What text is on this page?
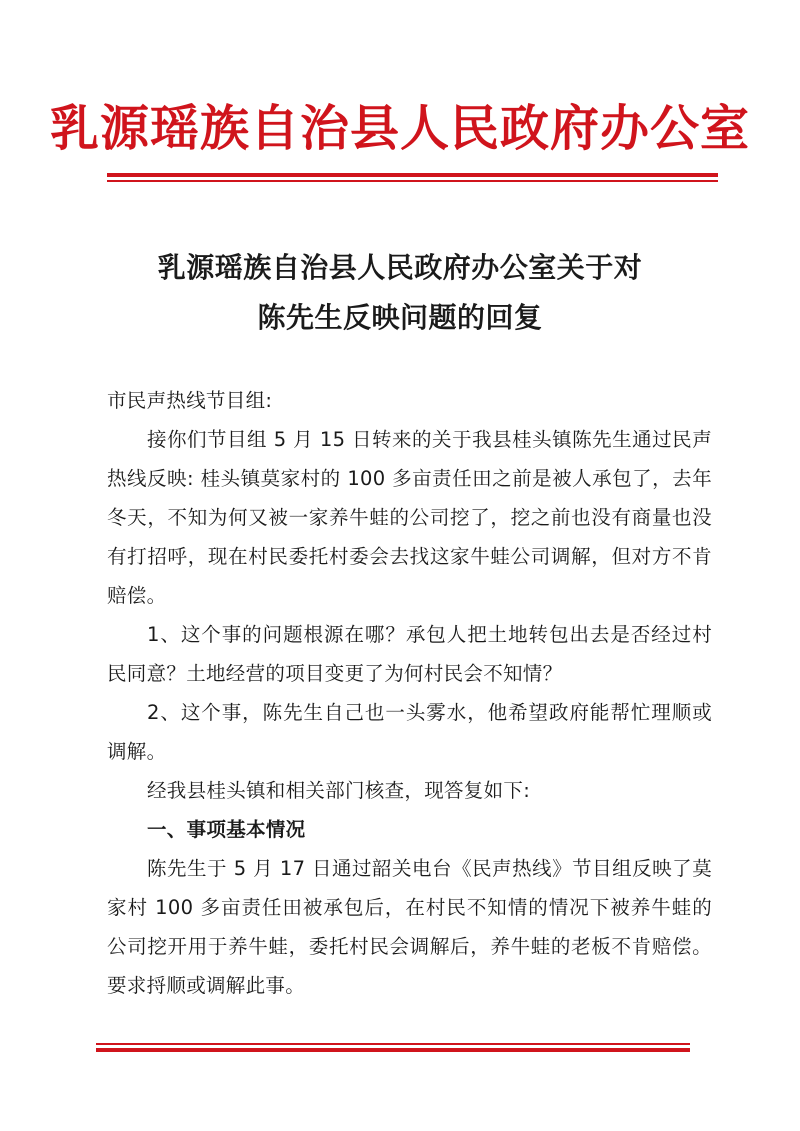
乳源瑶族自治县人民政府办公室
乳源瑶族自治县人民政府办公室关于对
陈先生反映问题的回复

市民声热线节目组:

接你们节目组 5 月 15 日转来的关于我县桂头镇陈先生通过民声热线反映: 桂头镇莫家村的 100 多亩责任田之前是被人承包了，去年冬天，不知为何又被一家养牛蛙的公司挖了，挖之前也没有商量也没有打招呼，现在村民委托村委会去找这家牛蛙公司调解，但对方不肯赔偿。

1、这个事的问题根源在哪？承包人把土地转包出去是否经过村民同意？土地经营的项目变更了为何村民会不知情？

2、这个事，陈先生自己也一头雾水，他希望政府能帮忙理顺或调解。

经我县桂头镇和相关部门核查，现答复如下:

一、事项基本情况

陈先生于 5 月 17 日通过韶关电台《民声热线》节目组反映了莫家村 100 多亩责任田被承包后，在村民不知情的情况下被养牛蛙的公司挖开用于养牛蛙，委托村民会调解后，养牛蛙的老板不肯赔偿。要求捋顺或调解此事。
